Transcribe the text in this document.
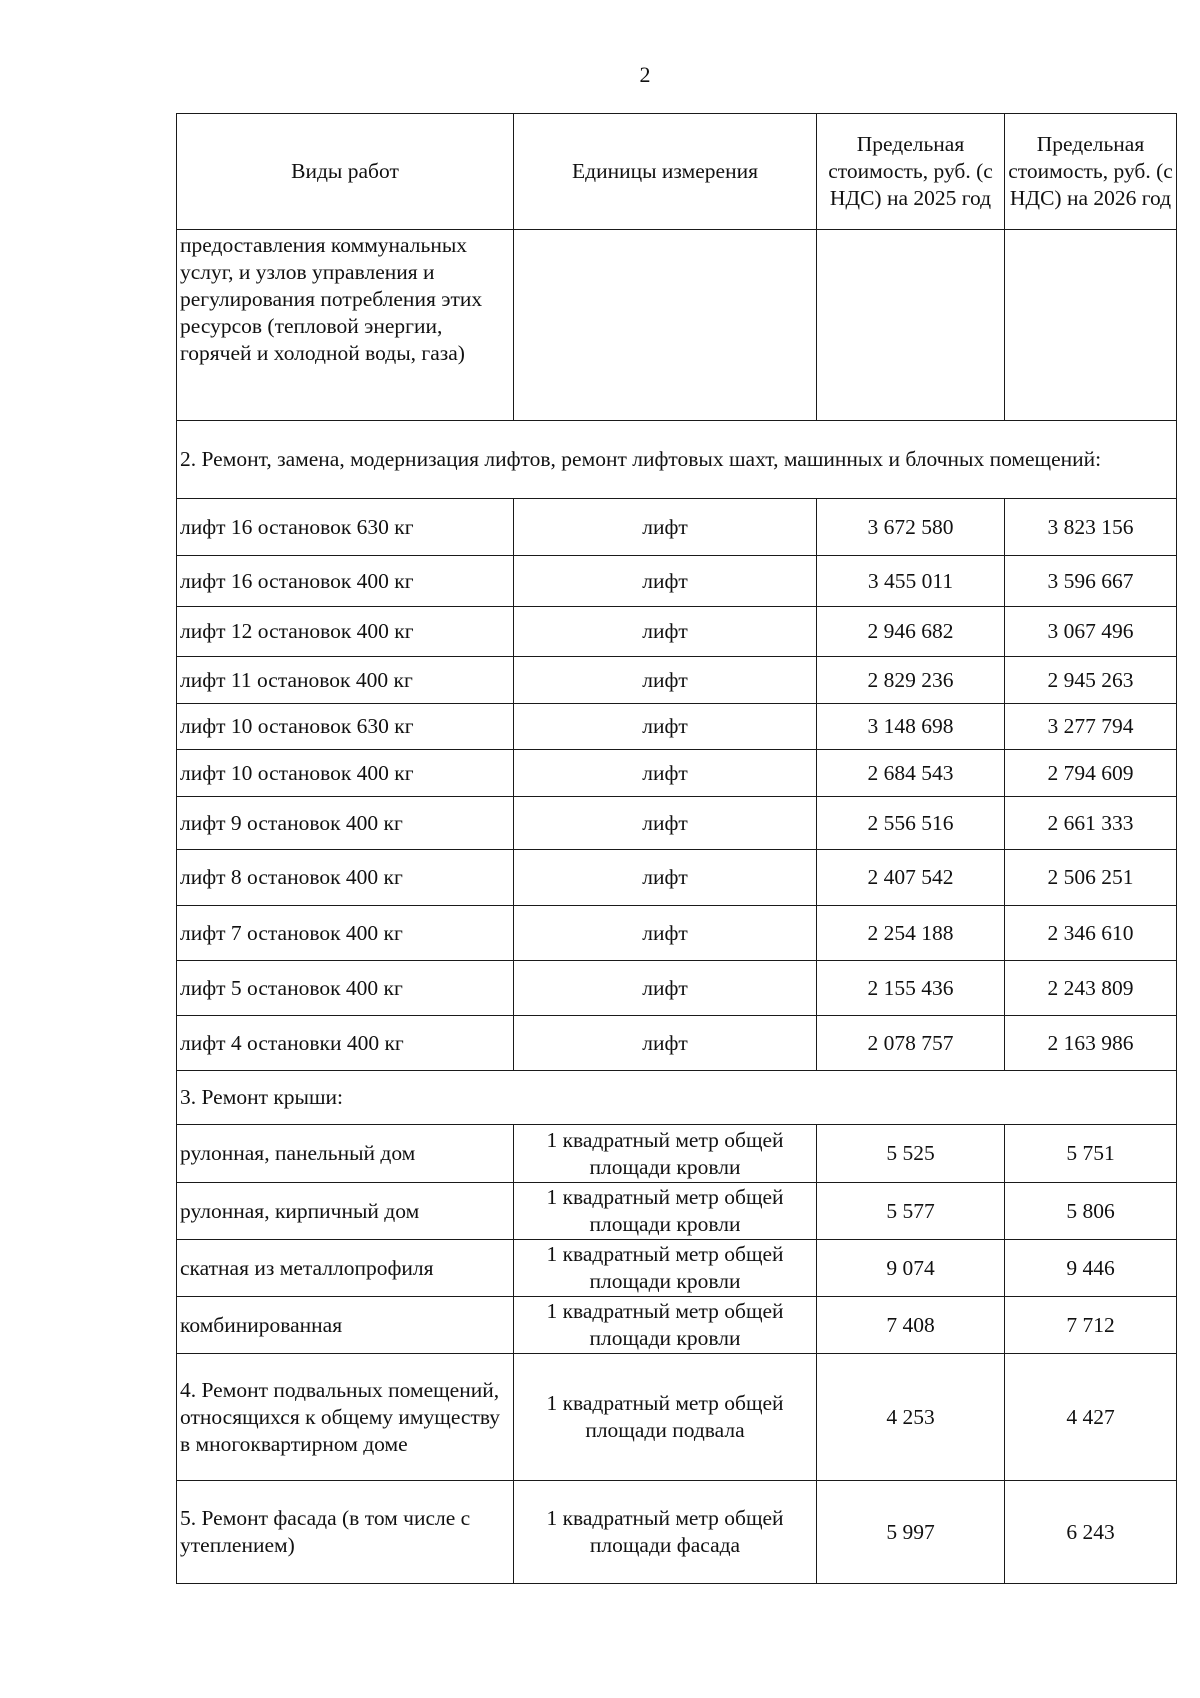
2
Виды работ	Единицы измерения	Предельная стоимость, руб. (с НДС) на 2025 год	Предельная стоимость, руб. (с НДС) на 2026 год
предоставления коммунальных услуг, и узлов управления и регулирования потребления этих ресурсов (тепловой энергии, горячей и холодной воды, газа)			
2. Ремонт, замена, модернизация лифтов, ремонт лифтовых шахт, машинных и блочных помещений:			
лифт 16 остановок 630 кг	лифт	3 672 580	3 823 156
лифт 16 остановок 400 кг	лифт	3 455 011	3 596 667
лифт 12 остановок 400 кг	лифт	2 946 682	3 067 496
лифт 11 остановок 400 кг	лифт	2 829 236	2 945 263
лифт 10 остановок 630 кг	лифт	3 148 698	3 277 794
лифт 10 остановок 400 кг	лифт	2 684 543	2 794 609
лифт 9 остановок 400 кг	лифт	2 556 516	2 661 333
лифт 8 остановок 400 кг	лифт	2 407 542	2 506 251
лифт 7 остановок 400 кг	лифт	2 254 188	2 346 610
лифт 5 остановок 400 кг	лифт	2 155 436	2 243 809
лифт 4 остановки 400 кг	лифт	2 078 757	2 163 986
3. Ремонт крыши:			
рулонная, панельный дом	1 квадратный метр общей площади кровли	5 525	5 751
рулонная, кирпичный дом	1 квадратный метр общей площади кровли	5 577	5 806
скатная из металлопрофиля	1 квадратный метр общей площади кровли	9 074	9 446
комбинированная	1 квадратный метр общей площади кровли	7 408	7 712
4. Ремонт подвальных помещений, относящихся к общему имуществу в многоквартирном доме	1 квадратный метр общей площади подвала	4 253	4 427
5. Ремонт фасада (в том числе с утеплением)	1 квадратный метр общей площади фасада	5 997	6 243
